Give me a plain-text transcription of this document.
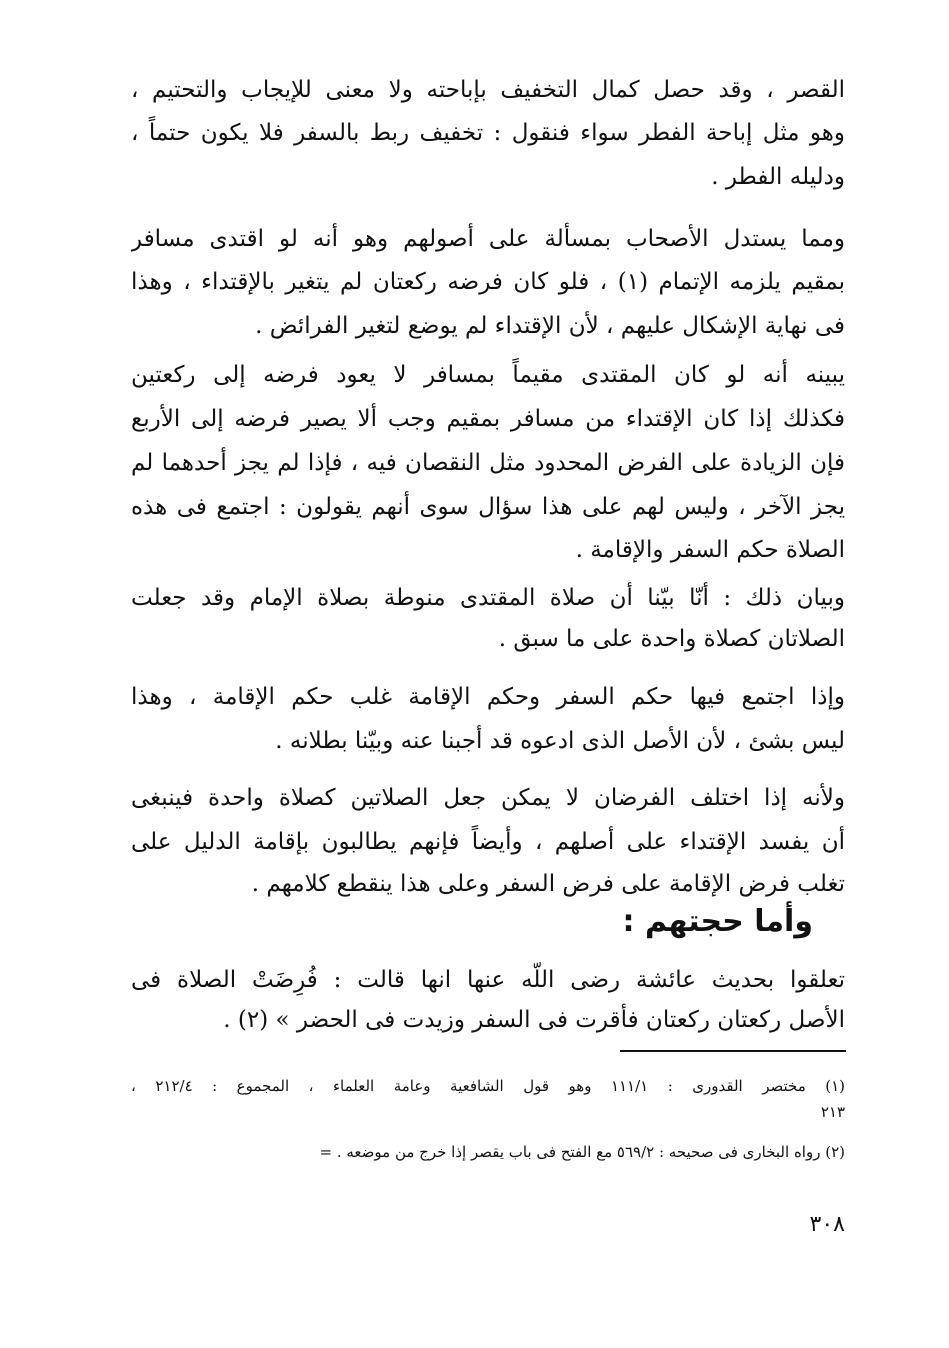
القصر ، وقد حصل كمال التخفيف بإباحته ولا معنى للإيجاب والتحتيم ،
وهو مثل إباحة الفطر سواء فنقول : تخفيف ربط بالسفر فلا يكون حتماً ،
ودليله الفطر .
ومما يستدل الأصحاب بمسألة على أصولهم وهو أنه لو اقتدى مسافر
بمقيم يلزمه الإتمام (١) ، فلو كان فرضه ركعتان لم يتغير بالإقتداء ، وهذا
فى نهاية الإشكال عليهم ، لأن الإقتداء لم يوضع لتغير الفرائض .
يبينه أنه لو كان المقتدى مقيماً بمسافر لا يعود فرضه إلى ركعتين
فكذلك إذا كان الإقتداء من مسافر بمقيم وجب ألا يصير فرضه إلى الأربع
فإن الزيادة على الفرض المحدود مثل النقصان فيه ، فإذا لم يجز أحدهما لم
يجز الآخر ، وليس لهم على هذا سؤال سوى أنهم يقولون : اجتمع فى هذه
الصلاة حكم السفر والإقامة .
وبيان ذلك : أنّا بيّنا أن صلاة المقتدى منوطة بصلاة الإمام وقد جعلت
الصلاتان كصلاة واحدة على ما سبق .
وإذا اجتمع فيها حكم السفر وحكم الإقامة غلب حكم الإقامة ، وهذا
ليس بشئ ، لأن الأصل الذى ادعوه قد أجبنا عنه وبيّنا بطلانه .
ولأنه إذا اختلف الفرضان لا يمكن جعل الصلاتين كصلاة واحدة فينبغى
أن يفسد الإقتداء على أصلهم ، وأيضاً فإنهم يطالبون بإقامة الدليل على
تغلب فرض الإقامة على فرض السفر وعلى هذا ينقطع كلامهم .
وأما حجتهم :
تعلقوا بحديث عائشة رضى اللّه عنها انها قالت : فُرِضَتْ الصلاة فى
الأصل ركعتان ركعتان فأقرت فى السفر وزيدت فى الحضر » (٢) .
(١) مختصر القدورى : ١١١/١ وهو قول الشافعية وعامة العلماء ، المجموع : ٢١٢/٤ ،
٢١٣
(٢) رواه البخارى فى صحيحه : ٥٦٩/٢ مع الفتح فى باب يقصر إذا خرج من موضعه . =
٣٠٨
